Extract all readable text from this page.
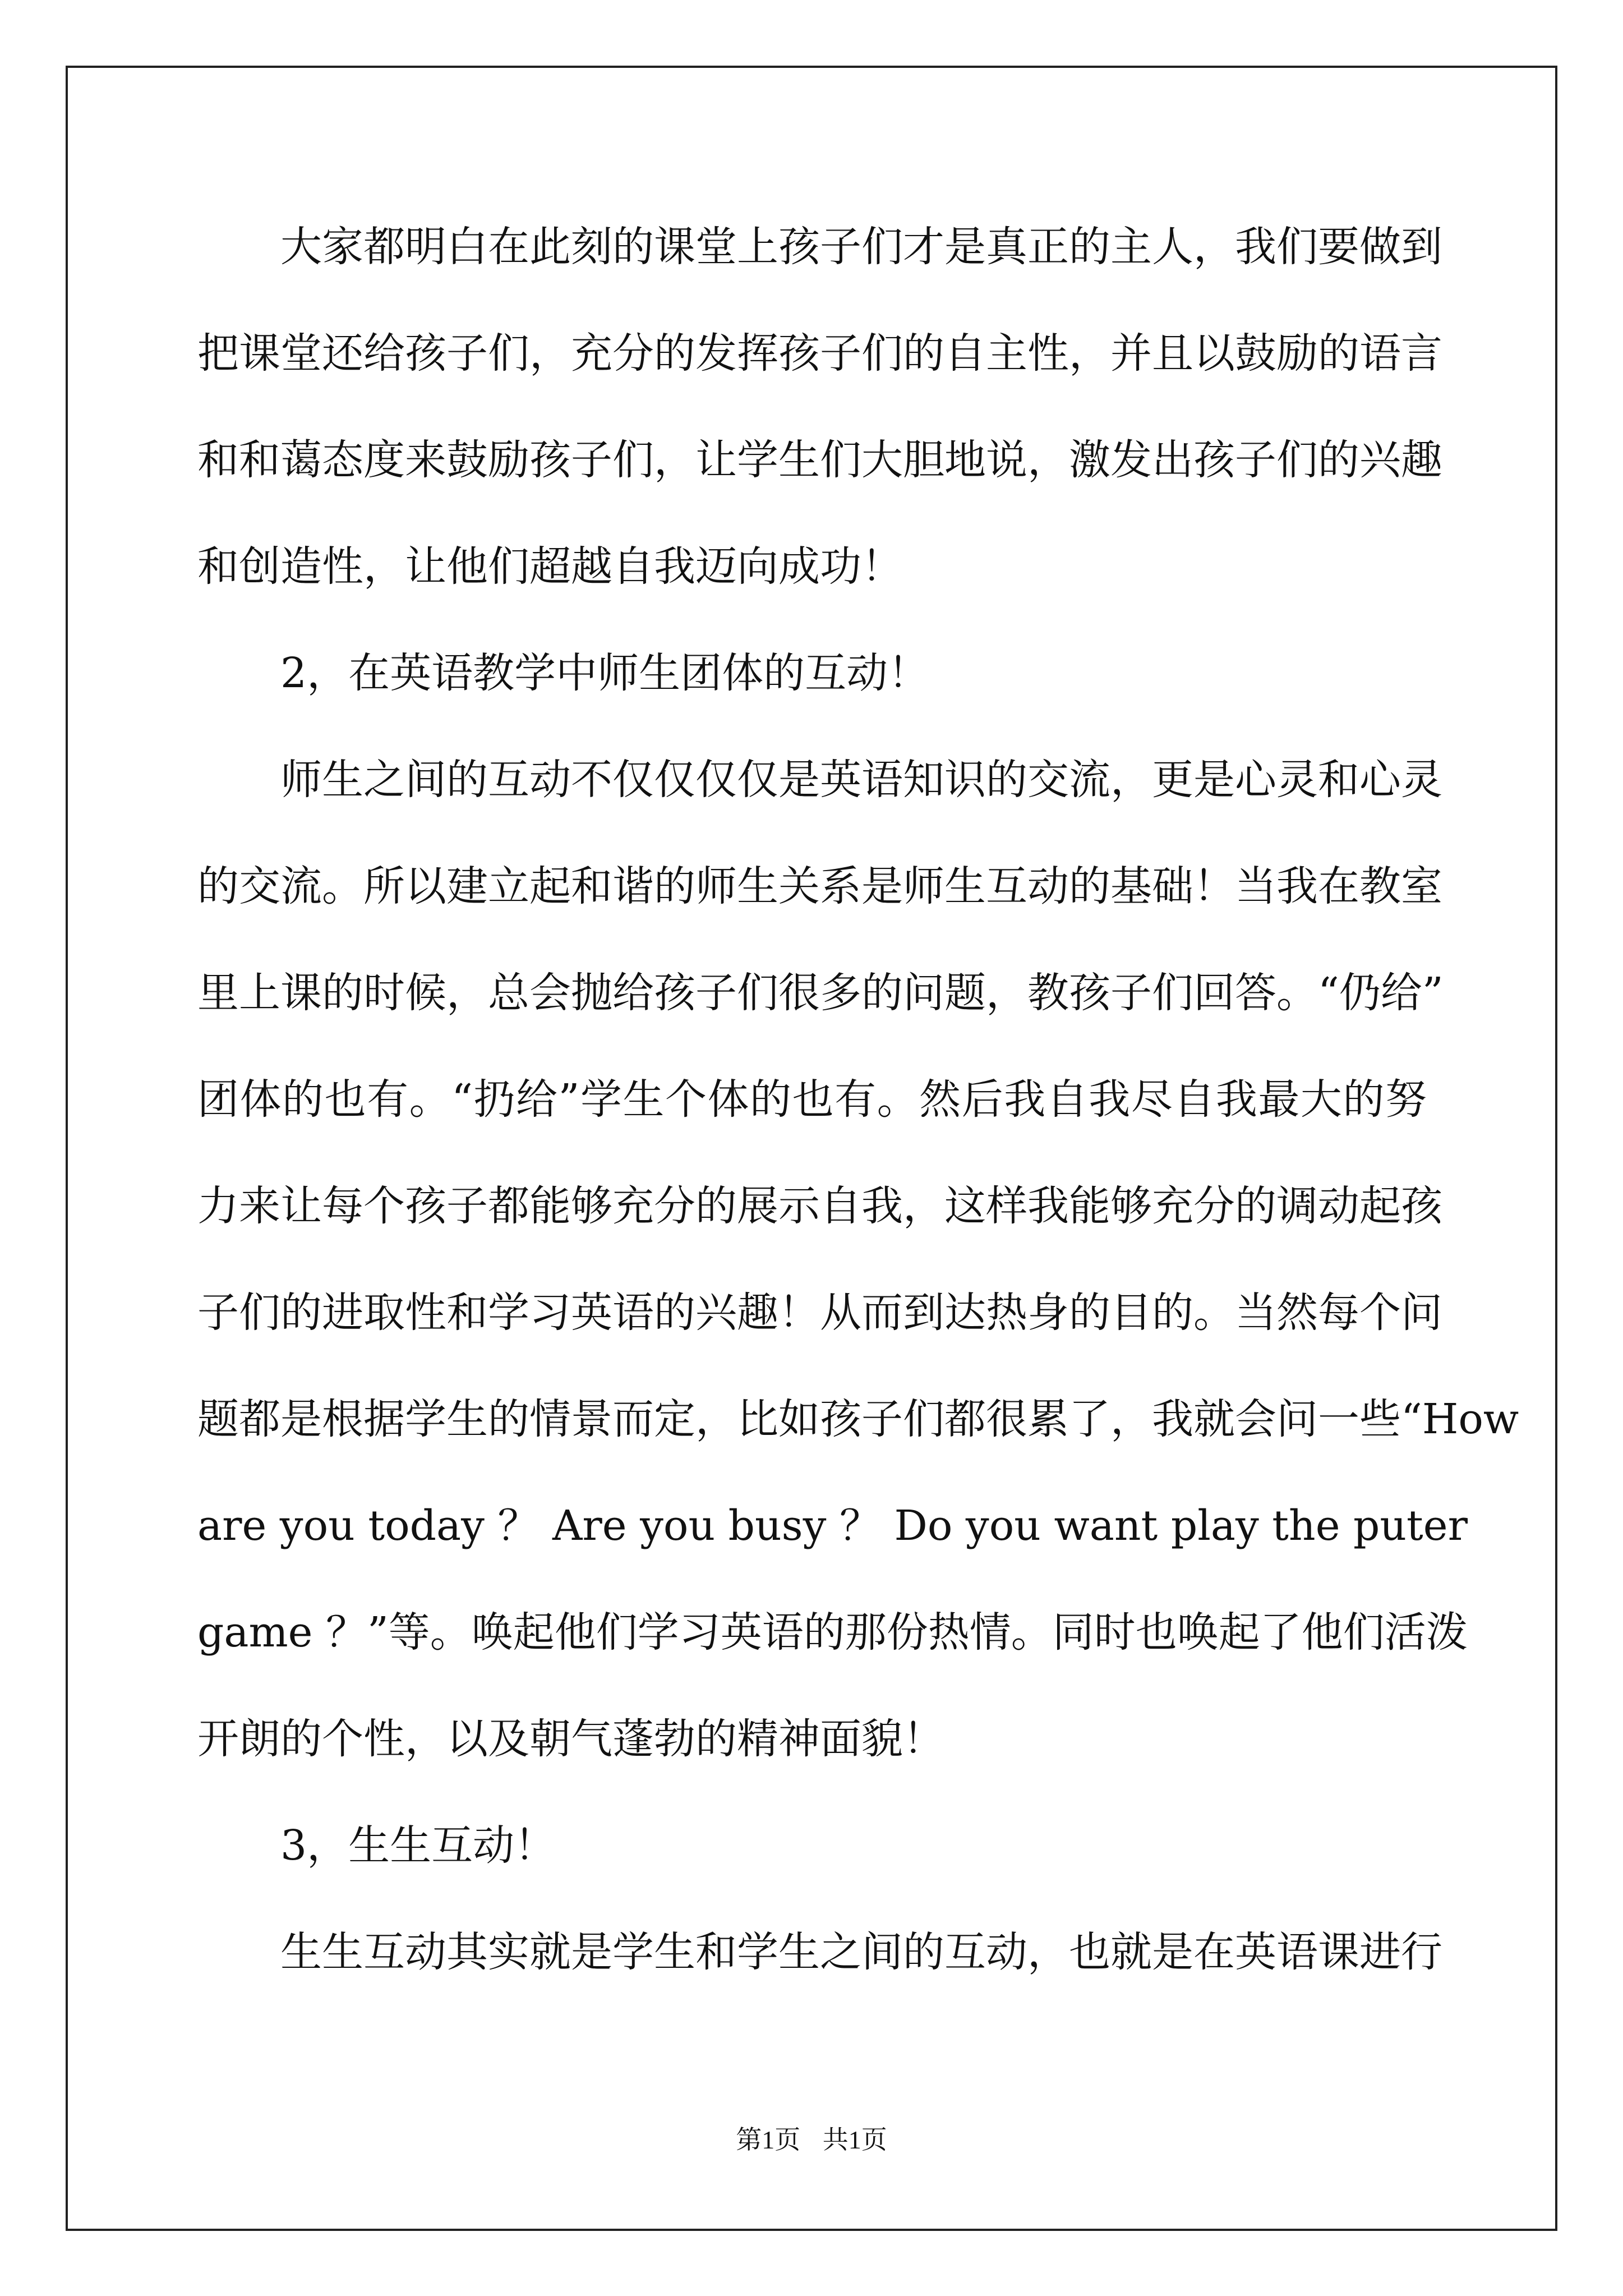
大家都明白在此刻的课堂上孩子们才是真正的主人，我们要做到
把课堂还给孩子们，充分的发挥孩子们的自主性，并且以鼓励的语言
和和蔼态度来鼓励孩子们，让学生们大胆地说，激发出孩子们的兴趣
和创造性，让他们超越自我迈向成功！
2，在英语教学中师生团体的互动！
师生之间的互动不仅仅仅仅是英语知识的交流，更是心灵和心灵
的交流。所以建立起和谐的师生关系是师生互动的基础！当我在教室
里上课的时候，总会抛给孩子们很多的问题，教孩子们回答。“仍给”
团体的也有。“扔给”学生个体的也有。然后我自我尽自我最大的努
力来让每个孩子都能够充分的展示自我，这样我能够充分的调动起孩
子们的进取性和学习英语的兴趣！从而到达热身的目的。当然每个问
题都是根据学生的情景而定，比如孩子们都很累了，我就会问一些“How
are you today ？ Are you busy ？ Do you want play the puter
game ？”等。唤起他们学习英语的那份热情。同时也唤起了他们活泼
开朗的个性，以及朝气蓬勃的精神面貌！
3，生生互动！
生生互动其实就是学生和学生之间的互动，也就是在英语课进行
第1页 共1页
